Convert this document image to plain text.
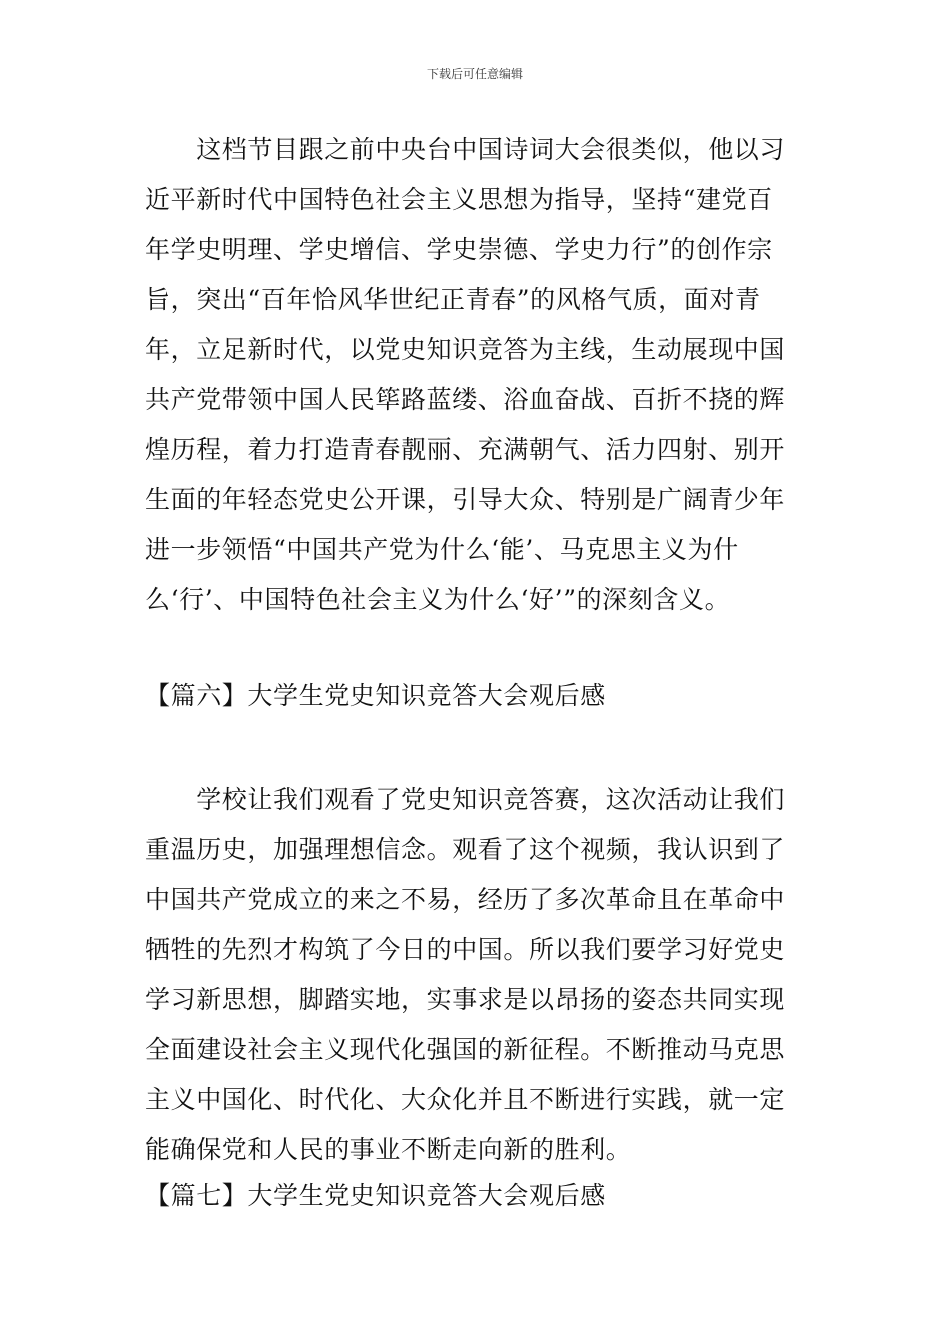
下载后可任意编辑
　　这档节目跟之前中央台中国诗词大会很类似，他以习
近平新时代中国特色社会主义思想为指导，坚持“建党百
年学史明理、学史增信、学史崇德、学史力行”的创作宗
旨，突出“百年恰风华世纪正青春”的风格气质，面对青
年，立足新时代，以党史知识竞答为主线，生动展现中国
共产党带领中国人民筚路蓝缕、浴血奋战、百折不挠的辉
煌历程，着力打造青春靓丽、充满朝气、活力四射、别开
生面的年轻态党史公开课，引导大众、特别是广阔青少年
进一步领悟“中国共产党为什么‘能’、马克思主义为什
么‘行’、中国特色社会主义为什么‘好’”的深刻含义。
【篇六】大学生党史知识竞答大会观后感
　　学校让我们观看了党史知识竞答赛，这次活动让我们
重温历史，加强理想信念。观看了这个视频，我认识到了
中国共产党成立的来之不易，经历了多次革命且在革命中
牺牲的先烈才构筑了今日的中国。所以我们要学习好党史
学习新思想，脚踏实地，实事求是以昂扬的姿态共同实现
全面建设社会主义现代化强国的新征程。不断推动马克思
主义中国化、时代化、大众化并且不断进行实践，就一定
能确保党和人民的事业不断走向新的胜利。
【篇七】大学生党史知识竞答大会观后感
